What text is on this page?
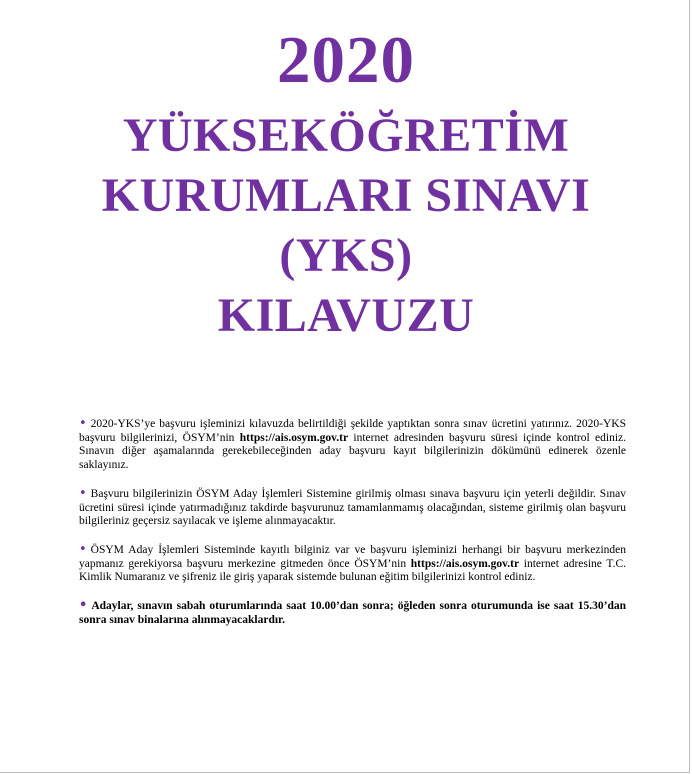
2020

YÜKSEKÖĞRETİM

KURUMLARI SINAVI

(YKS)

KILAVUZU

• 2020-YKS’ye başvuru işleminizi kılavuzda belirtildiği şekilde yaptıktan sonra sınav ücretini yatırınız. 2020-YKS başvuru bilgilerinizi, ÖSYM’nin https://ais.osym.gov.tr internet adresinden başvuru süresi içinde kontrol ediniz. Sınavın diğer aşamalarında gerekebileceğinden aday başvuru kayıt bilgilerinizin dökümünü edinerek özenle saklayınız.

• Başvuru bilgilerinizin ÖSYM Aday İşlemleri Sistemine girilmiş olması sınava başvuru için yeterli değildir. Sınav ücretini süresi içinde yatırmadığınız takdirde başvurunuz tamamlanmamış olacağından, sisteme girilmiş olan başvuru bilgileriniz geçersiz sayılacak ve işleme alınmayacaktır.

• ÖSYM Aday İşlemleri Sisteminde kayıtlı bilginiz var ve başvuru işleminizi herhangi bir başvuru merkezinden yapmanız gerekiyorsa başvuru merkezine gitmeden önce ÖSYM’nin https://ais.osym.gov.tr internet adresine T.C. Kimlik Numaranız ve şifreniz ile giriş yaparak sistemde bulunan eğitim bilgilerinizi kontrol ediniz.

• Adaylar, sınavın sabah oturumlarında saat 10.00’dan sonra; öğleden sonra oturumunda ise saat 15.30’dan sonra sınav binalarına alınmayacaklardır.
